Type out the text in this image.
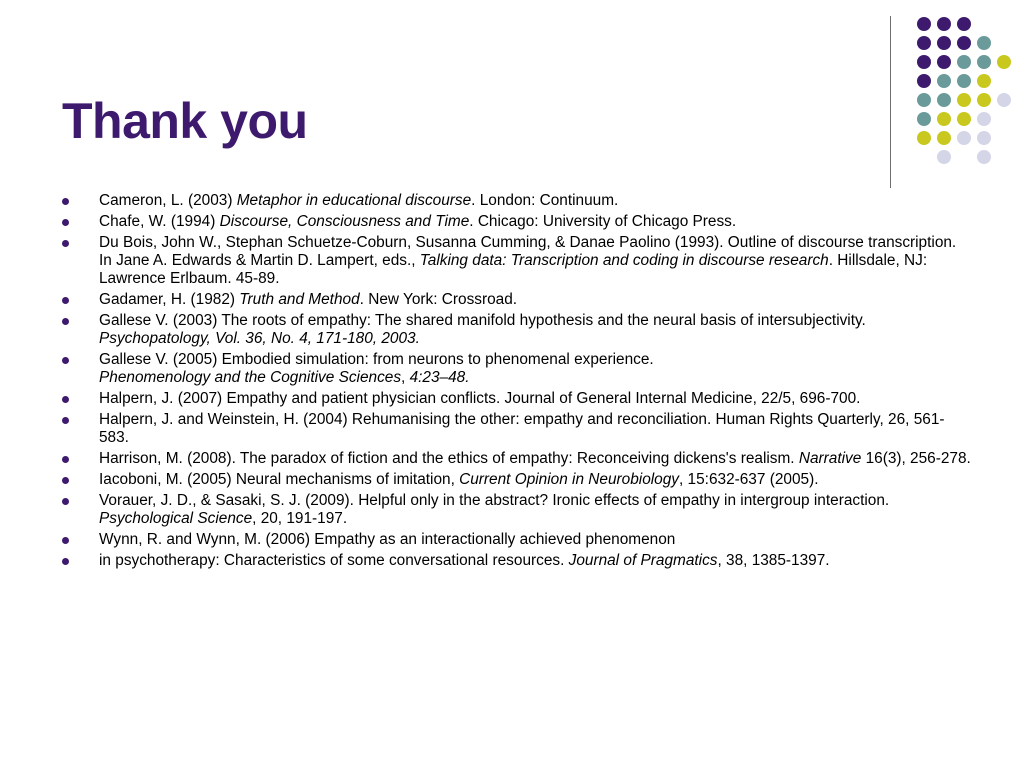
Thank you
Cameron, L. (2003) Metaphor in educational discourse. London: Continuum.
Chafe, W. (1994) Discourse, Consciousness and Time. Chicago: University of Chicago Press.
Du Bois, John W., Stephan Schuetze-Coburn, Susanna Cumming, & Danae Paolino (1993). Outline of discourse transcription. In Jane A. Edwards & Martin D. Lampert, eds., Talking data: Transcription and coding in discourse research. Hillsdale, NJ: Lawrence Erlbaum. 45-89.
Gadamer, H. (1982) Truth and Method. New York: Crossroad.
Gallese V. (2003) The roots of empathy: The shared manifold hypothesis and the neural basis of intersubjectivity. Psychopatology, Vol. 36, No. 4, 171-180, 2003.
Gallese V. (2005) Embodied simulation: from neurons to phenomenal experience.
Phenomenology and the Cognitive Sciences, 4:23–48.
Halpern, J. (2007) Empathy and patient physician conflicts. Journal of General Internal Medicine, 22/5, 696-700.
Halpern, J. and Weinstein, H. (2004) Rehumanising the other: empathy and reconciliation. Human Rights Quarterly, 26, 561-583.
Harrison, M. (2008). The paradox of fiction and the ethics of empathy: Reconceiving dickens's realism. Narrative 16(3), 256-278.
Iacoboni, M. (2005) Neural mechanisms of imitation, Current Opinion in Neurobiology, 15:632-637 (2005).
Vorauer, J. D., & Sasaki, S. J. (2009). Helpful only in the abstract? Ironic effects of empathy in intergroup interaction. Psychological Science, 20, 191-197.
Wynn, R. and Wynn, M. (2006) Empathy as an interactionally achieved phenomenon
in psychotherapy: Characteristics of some conversational resources. Journal of Pragmatics, 38, 1385-1397.
